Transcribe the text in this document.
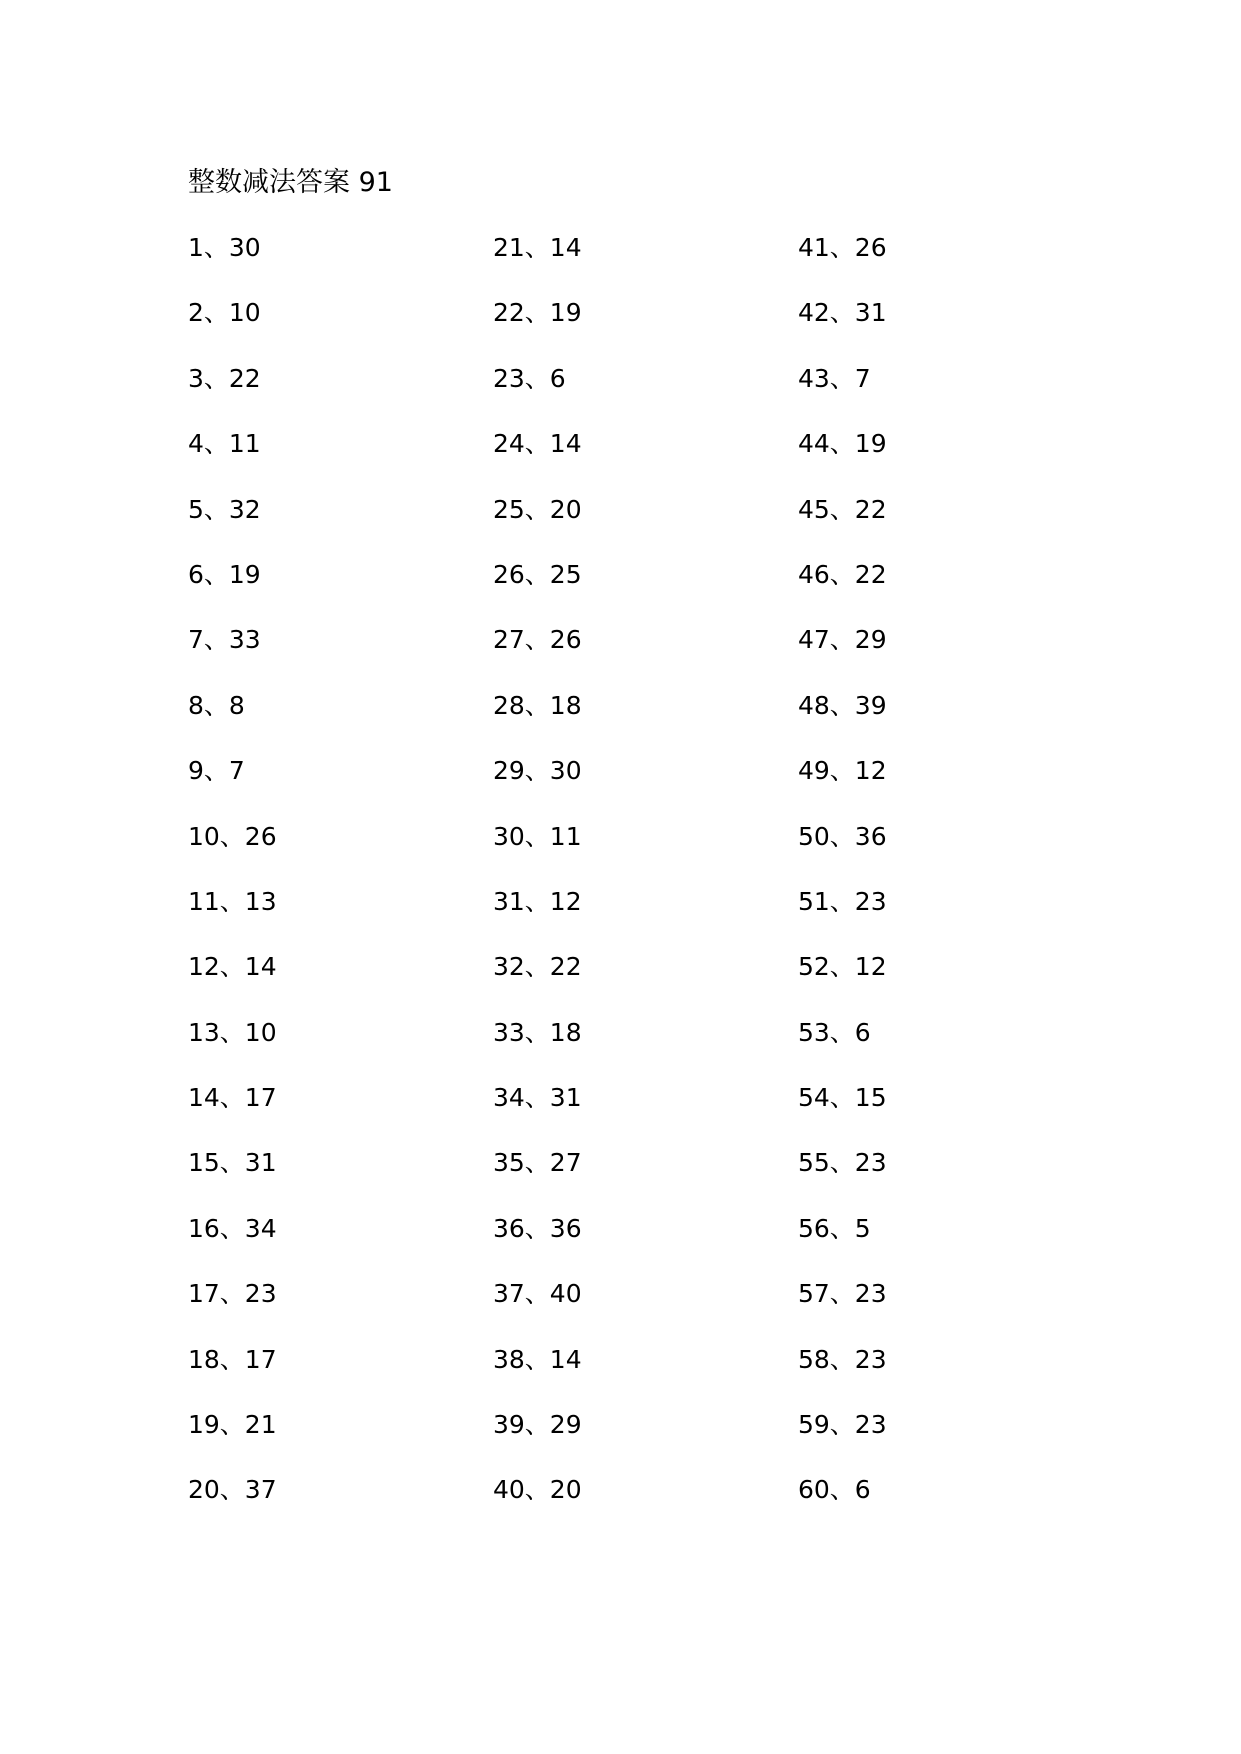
整数减法答案 91
1、30
2、10
3、22
4、11
5、32
6、19
7、33
8、8
9、7
10、26
11、13
12、14
13、10
14、17
15、31
16、34
17、23
18、17
19、21
20、37
21、14
22、19
23、6
24、14
25、20
26、25
27、26
28、18
29、30
30、11
31、12
32、22
33、18
34、31
35、27
36、36
37、40
38、14
39、29
40、20
41、26
42、31
43、7
44、19
45、22
46、22
47、29
48、39
49、12
50、36
51、23
52、12
53、6
54、15
55、23
56、5
57、23
58、23
59、23
60、6
